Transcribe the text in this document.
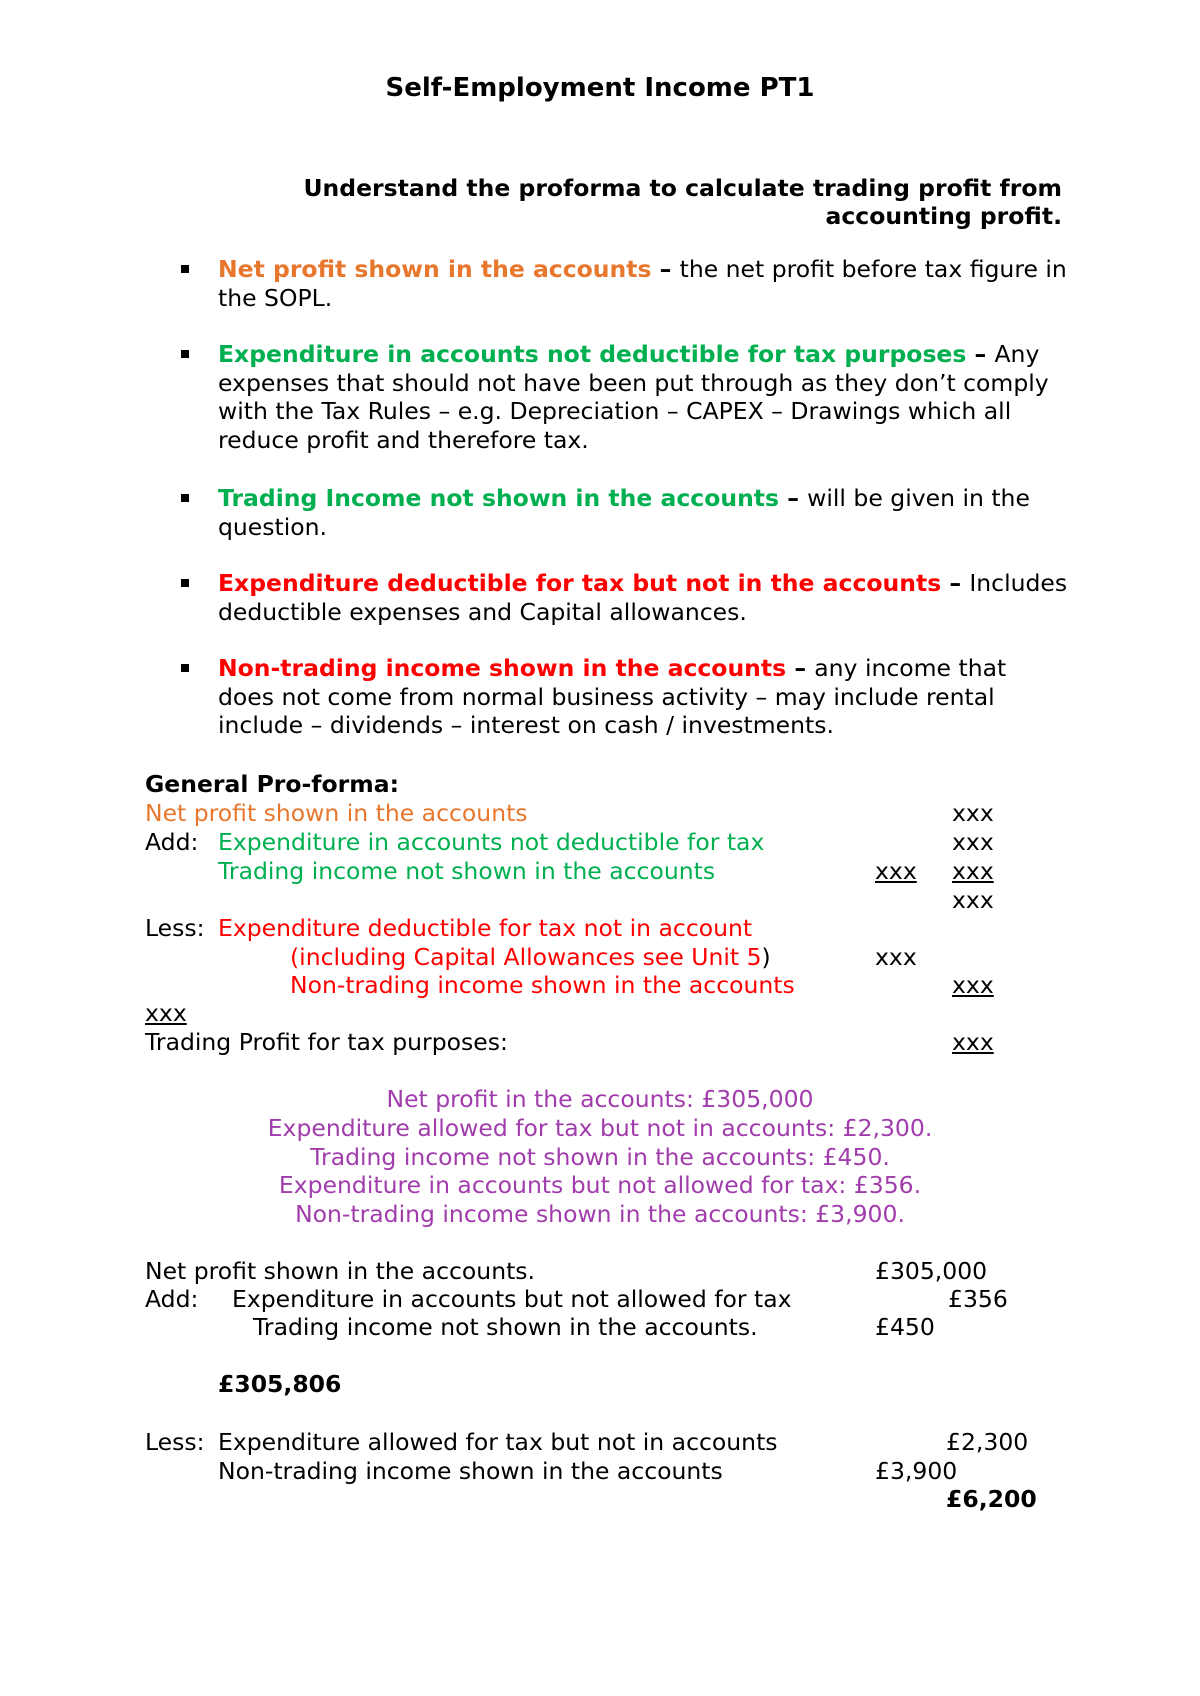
Self-Employment Income PT1
Understand the proforma to calculate trading profit from
accounting profit.
Net profit shown in the accounts – the net profit before tax figure in the SOPL.
Expenditure in accounts not deductible for tax purposes – Any expenses that should not have been put through as they don’t comply with the Tax Rules – e.g. Depreciation – CAPEX – Drawings which all reduce profit and therefore tax.
Trading Income not shown in the accounts – will be given in the question.
Expenditure deductible for tax but not in the accounts – Includes deductible expenses and Capital allowances.
Non-trading income shown in the accounts – any income that does not come from normal business activity – may include rental include – dividends – interest on cash / investments.
General Pro-forma:
Net profit shown in the accounts	xxx
Add: Expenditure in accounts not deductible for tax	xxx
Trading income not shown in the accounts	xxx xxx
xxx
Less: Expenditure deductible for tax not in account
(including Capital Allowances see Unit 5)	xxx
Non-trading income shown in the accounts	xxx
xxx
Trading Profit for tax purposes:	xxx
Net profit in the accounts: £305,000
Expenditure allowed for tax but not in accounts: £2,300.
Trading income not shown in the accounts: £450.
Expenditure in accounts but not allowed for tax: £356.
Non-trading income shown in the accounts: £3,900.
Net profit shown in the accounts.	£305,000
Add: Expenditure in accounts but not allowed for tax	£356
Trading income not shown in the accounts.	£450
£305,806
Less: Expenditure allowed for tax but not in accounts	£2,300
Non-trading income shown in the accounts	£3,900
£6,200
